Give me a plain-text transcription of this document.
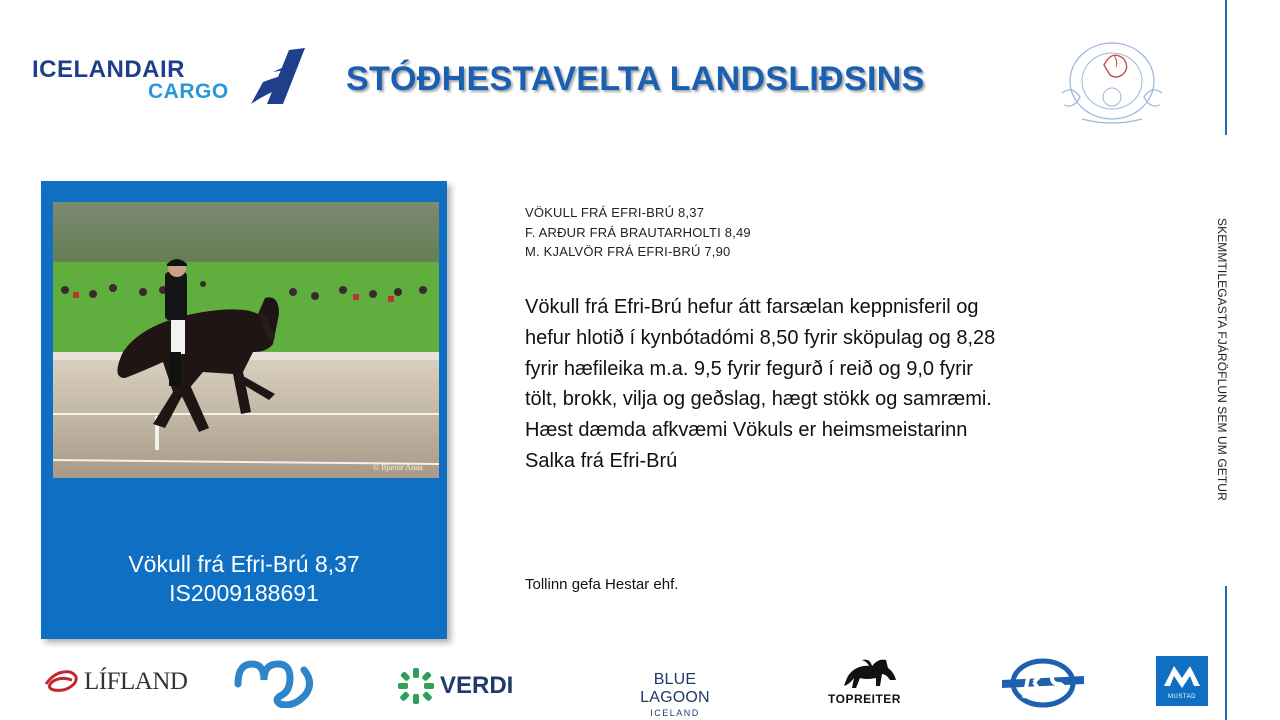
ICELANDAIR
CARGO	STÓÐHESTAVELTA LANDSLIÐSINS
SKEMMTILEGASTA FJÁRÖFLUN SEM UM GETUR
© Bjarnir Anna
Vökull frá Efri-Brú 8,37
IS2009188691
VÖKULL FRÁ EFRI-BRÚ 8,37
F. ARÐUR FRÁ BRAUTARHOLTI 8,49
M. KJALVÖR FRÁ EFRI-BRÚ 7,90

Vökull frá Efri-Brú hefur átt farsælan keppnisferil og hefur hlotið í kynbótadómi 8,50 fyrir sköpulag og 8,28 fyrir hæfileika m.a. 9,5 fyrir fegurð í reið og 9,0 fyrir tölt, brokk, vilja og geðslag, hægt stökk og samræmi.

Hæst dæmda afkvæmi Vökuls er heimsmeistarinn Salka frá Efri-Brú

Tollinn gefa Hestar ehf.
LÍFLAND	VERDI	BLUE LAGOON
ICELAND
TOPREITER	MUSTAD
